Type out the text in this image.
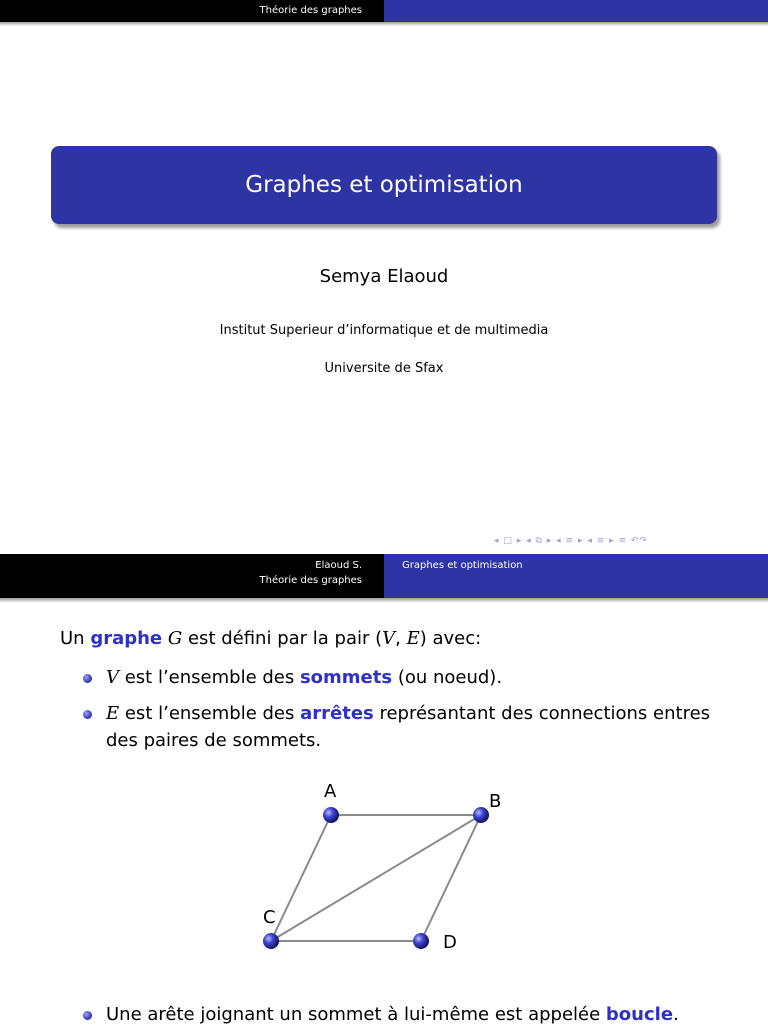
Théorie des graphes
Graphes et optimisation
Semya Elaoud
Institut Superieur d’informatique et de multimedia
Universite de Sfax
◂ □ ▸ ◂ ⧉ ▸ ◂ ≡ ▸ ◂ ≡ ▸ ≡ ↶↷
Elaoud S.
Théorie des graphes
Graphes et optimisation
Un graphe G est défini par la pair (V, E) avec:
V est l’ensemble des sommets (ou noeud).
E est l’ensemble des arrêtes représantant des connections entres des paires de sommets.
A	B
C
D
Une arête joignant un sommet à lui-même est appelée boucle.
